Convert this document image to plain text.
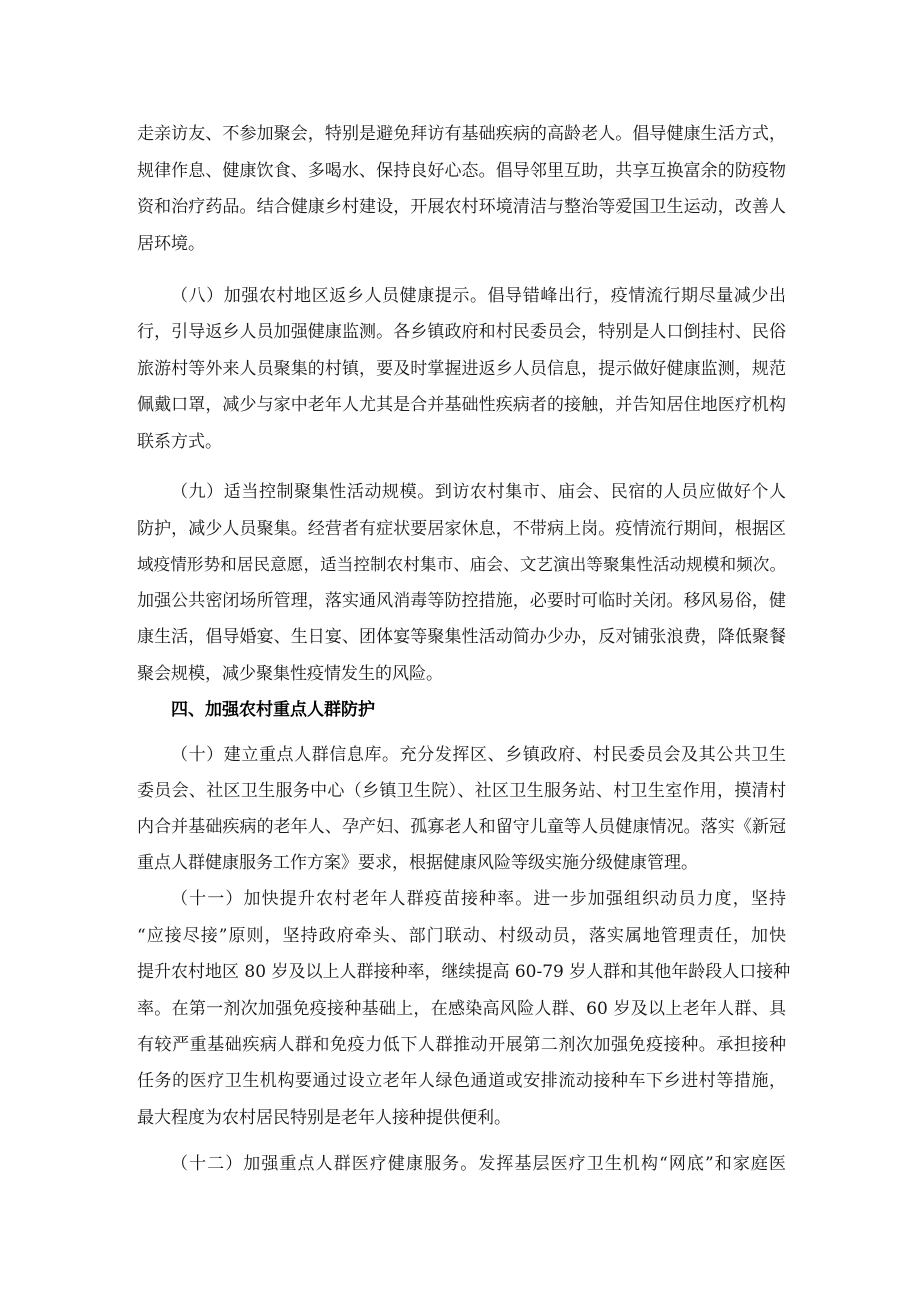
走亲访友、不参加聚会，特别是避免拜访有基础疾病的高龄老人。倡导健康生活方式，
规律作息、健康饮食、多喝水、保持良好心态。倡导邻里互助，共享互换富余的防疫物
资和治疗药品。结合健康乡村建设，开展农村环境清洁与整治等爱国卫生运动，改善人
居环境。
（八）加强农村地区返乡人员健康提示。倡导错峰出行，疫情流行期尽量减少出
行，引导返乡人员加强健康监测。各乡镇政府和村民委员会，特别是人口倒挂村、民俗
旅游村等外来人员聚集的村镇，要及时掌握进返乡人员信息，提示做好健康监测，规范
佩戴口罩，减少与家中老年人尤其是合并基础性疾病者的接触，并告知居住地医疗机构
联系方式。
（九）适当控制聚集性活动规模。到访农村集市、庙会、民宿的人员应做好个人
防护，减少人员聚集。经营者有症状要居家休息，不带病上岗。疫情流行期间，根据区
域疫情形势和居民意愿，适当控制农村集市、庙会、文艺演出等聚集性活动规模和频次。
加强公共密闭场所管理，落实通风消毒等防控措施，必要时可临时关闭。移风易俗，健
康生活，倡导婚宴、生日宴、团体宴等聚集性活动简办少办，反对铺张浪费，降低聚餐
聚会规模，减少聚集性疫情发生的风险。
四、加强农村重点人群防护
（十）建立重点人群信息库。充分发挥区、乡镇政府、村民委员会及其公共卫生
委员会、社区卫生服务中心（乡镇卫生院）、社区卫生服务站、村卫生室作用，摸清村
内合并基础疾病的老年人、孕产妇、孤寡老人和留守儿童等人员健康情况。落实《新冠
重点人群健康服务工作方案》要求，根据健康风险等级实施分级健康管理。
（十一）加快提升农村老年人群疫苗接种率。进一步加强组织动员力度，坚持
“应接尽接”原则，坚持政府牵头、部门联动、村级动员，落实属地管理责任，加快
提升农村地区 80 岁及以上人群接种率，继续提高 60-79 岁人群和其他年龄段人口接种
率。在第一剂次加强免疫接种基础上，在感染高风险人群、60 岁及以上老年人群、具
有较严重基础疾病人群和免疫力低下人群推动开展第二剂次加强免疫接种。承担接种
任务的医疗卫生机构要通过设立老年人绿色通道或安排流动接种车下乡进村等措施，
最大程度为农村居民特别是老年人接种提供便利。
（十二）加强重点人群医疗健康服务。发挥基层医疗卫生机构“网底”和家庭医
